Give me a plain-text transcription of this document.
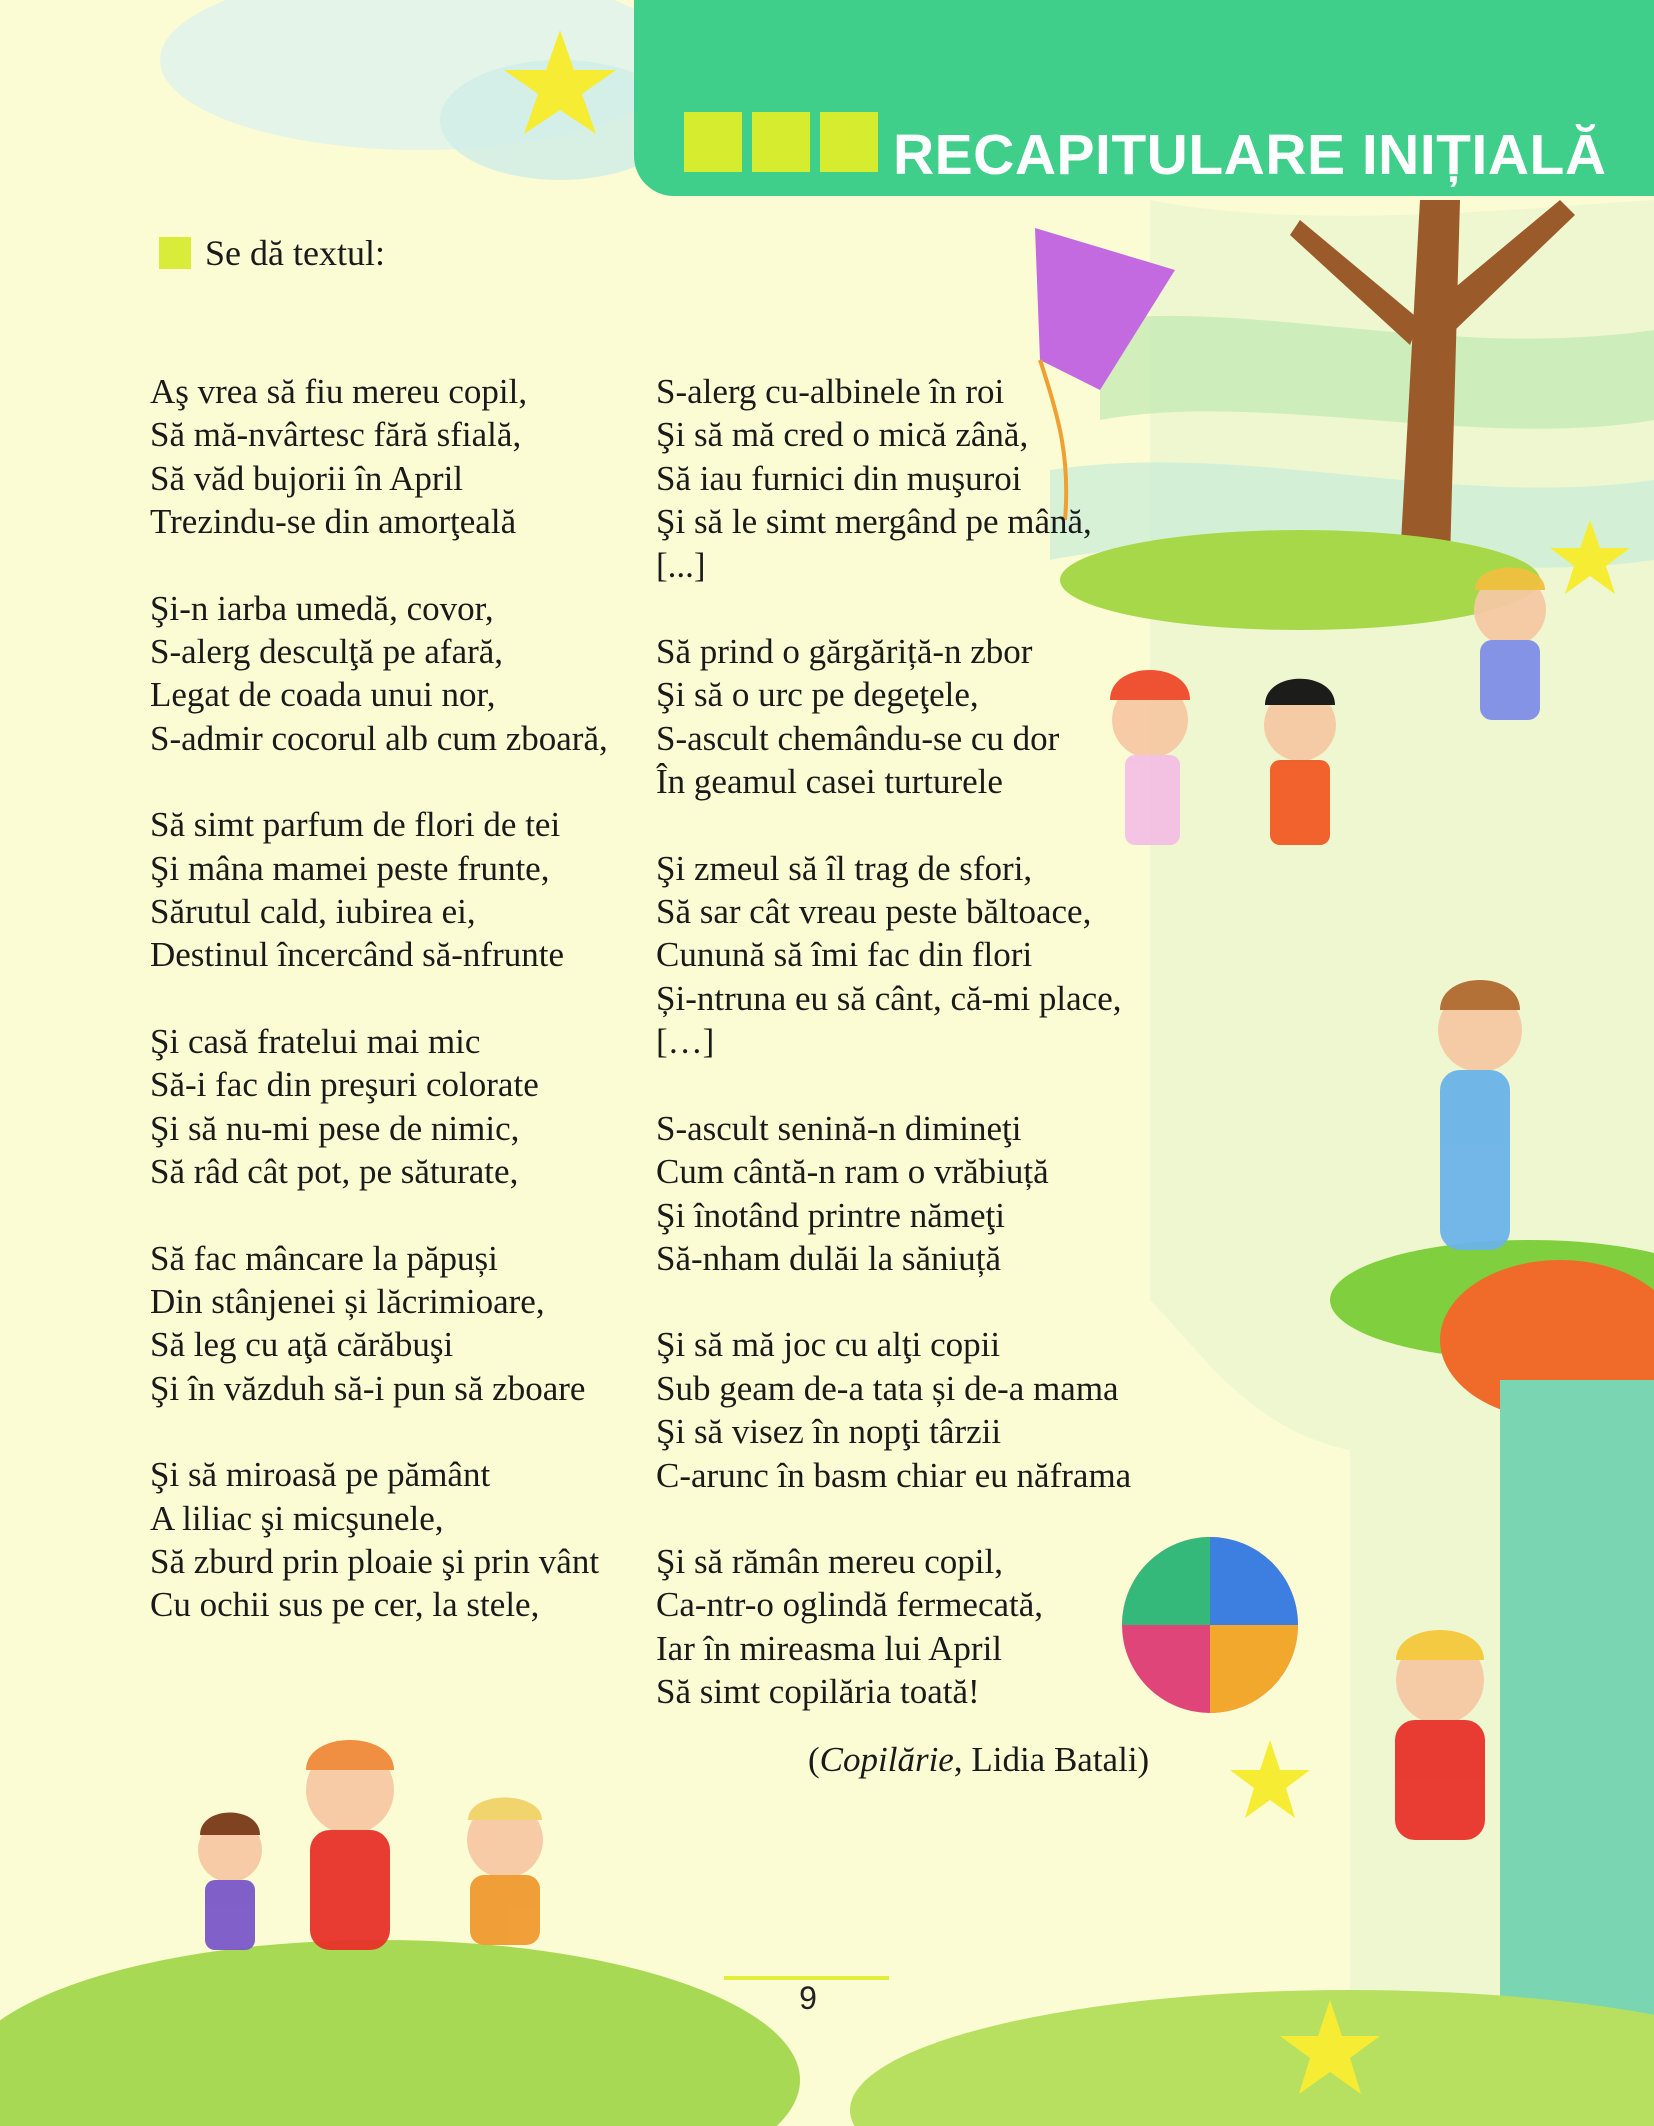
RECAPITULARE INIȚIALĂ
Se dă textul:
Aş vrea să fiu mereu copil,
Să mă-nvârtesc fără sfială,
Să văd bujorii în April
Trezindu-se din amorţeală
Şi-n iarba umedă, covor,
S-alerg desculţă pe afară,
Legat de coada unui nor,
S-admir cocorul alb cum zboară,
Să simt parfum de flori de tei
Şi mâna mamei peste frunte,
Sărutul cald, iubirea ei,
Destinul încercând să-nfrunte
Şi casă fratelui mai mic
Să-i fac din preşuri colorate
Şi să nu-mi pese de nimic,
Să râd cât pot, pe săturate,
Să fac mâncare la păpuși
Din stânjenei și lăcrimioare,
Să leg cu aţă cărăbuşi
Şi în văzduh să-i pun să zboare
Şi să miroasă pe pământ
A liliac şi micşunele,
Să zburd prin ploaie şi prin vânt
Cu ochii sus pe cer, la stele,
S-alerg cu-albinele în roi
Şi să mă cred o mică zână,
Să iau furnici din muşuroi
Şi să le simt mergând pe mână,
[...]
Să prind o gărgăriță-n zbor
Şi să o urc pe degeţele,
S-ascult chemându-se cu dor
În geamul casei turturele
Şi zmeul să îl trag de sfori,
Să sar cât vreau peste băltoace,
Cunună să îmi fac din flori
Și-ntruna eu să cânt, că-mi place,
[…]
S-ascult senină-n dimineţi
Cum cântă-n ram o vrăbiuță
Şi înotând printre nămeţi
Să-nham dulăi la săniuță
Şi să mă joc cu alţi copii
Sub geam de-a tata și de-a mama
Şi să visez în nopţi târzii
C-arunc în basm chiar eu năframa
Şi să rămân mereu copil,
Ca-ntr-o oglindă fermecată,
Iar în mireasma lui April
Să simt copilăria toată!
(Copilărie, Lidia Batali)
9
